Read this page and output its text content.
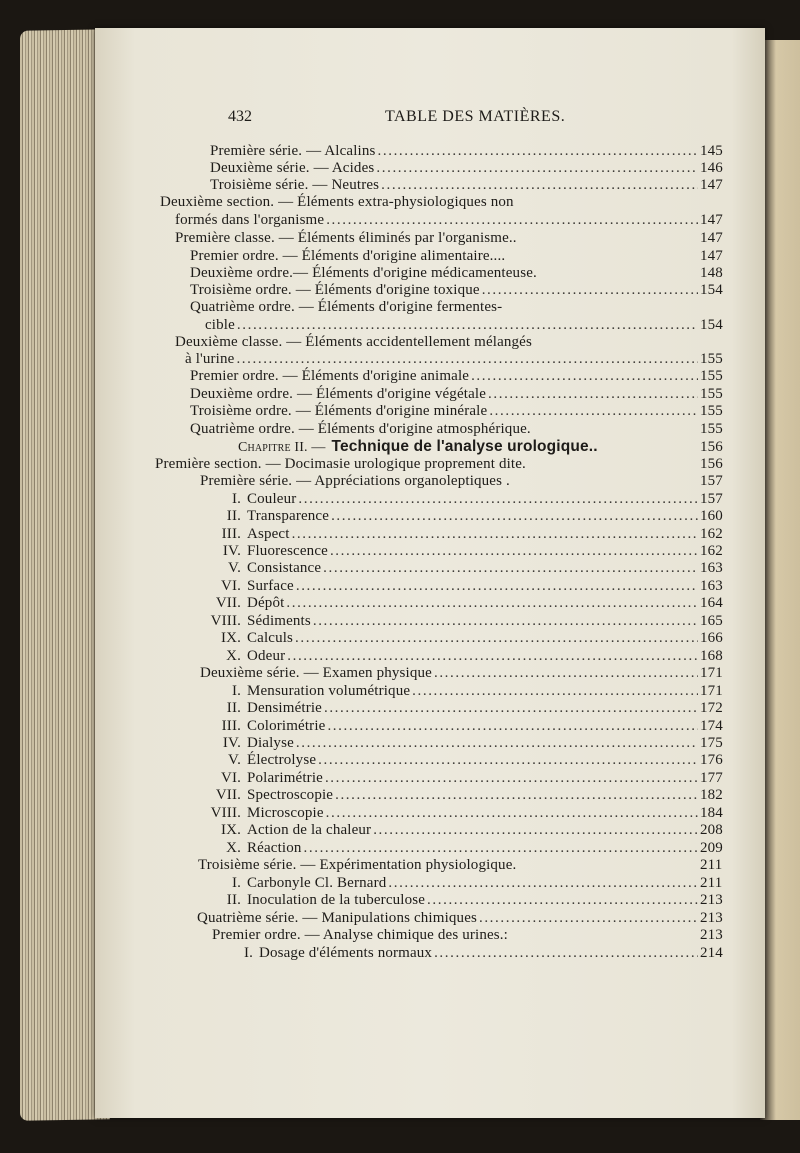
432	TABLE DES MATIÈRES.
Première série. — Alcalins .....	145
Deuxième série. — Acides .....	146
Troisième série. — Neutres .....	147
Deuxième section. — Éléments extra-physiologiques non
formés dans l'organisme .....	147
Première classe. — Éléments éliminés par l'organisme..	147
Premier ordre. — Éléments d'origine alimentaire....	147
Deuxième ordre.— Éléments d'origine médicamenteuse.	148
Troisième ordre. — Éléments d'origine toxique .....	154
Quatrième ordre. — Éléments d'origine fermentes-
cible .....	154
Deuxième classe. — Éléments accidentellement mélangés
à l'urine .....	155
Premier ordre. — Éléments d'origine animale .....	155
Deuxième ordre. — Éléments d'origine végétale .....	155
Troisième ordre. — Éléments d'origine minérale .....	155
Quatrième ordre. — Éléments d'origine atmosphérique.	155
Chapitre II. — Technique de l'analyse urologique..	156
Première section. — Docimasie urologique proprement dite.	156
Première série. — Appréciations organoleptiques .	157
I. Couleur .....	157
II. Transparence .....	160
III. Aspect .....	162
IV. Fluorescence .....	162
V. Consistance .....	163
VI. Surface .....	163
VII. Dépôt .....	164
VIII. Sédiments .....	165
IX. Calculs .....	166
X. Odeur .....	168
Deuxième série. — Examen physique .....	171
I. Mensuration volumétrique .....	171
II. Densimétrie .....	172
III. Colorimétrie .....	174
IV. Dialyse .....	175
V. Électrolyse .....	176
VI. Polarimétrie .....	177
VII. Spectroscopie .....	182
VIII. Microscopie .....	184
IX. Action de la chaleur .....	208
X. Réaction .....	209
Troisième série. — Expérimentation physiologique.	211
I. Carbonyle Cl. Bernard .....	211
II. Inoculation de la tuberculose .....	213
Quatrième série. — Manipulations chimiques .....	213
Premier ordre. — Analyse chimique des urines.:	213
I. Dosage d'éléments normaux .....	214
